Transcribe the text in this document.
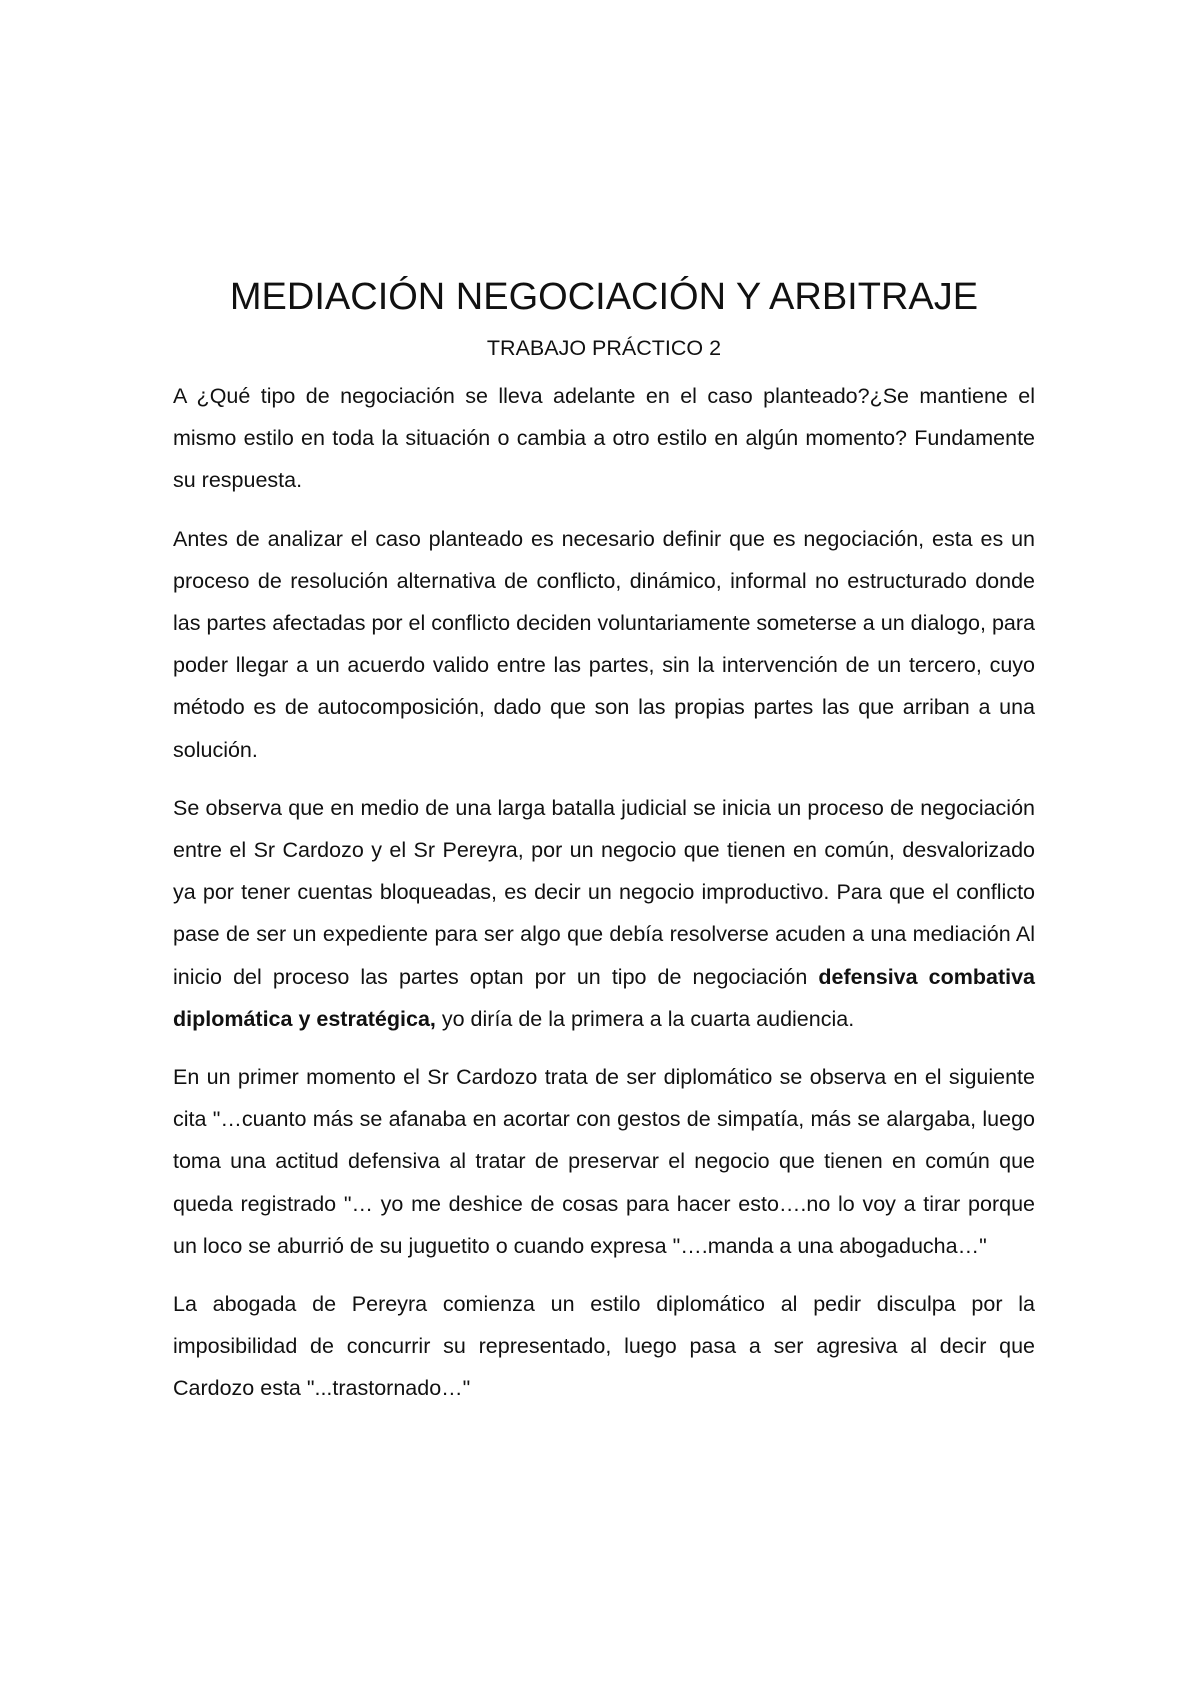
MEDIACIÓN NEGOCIACIÓN Y ARBITRAJE
TRABAJO PRÁCTICO 2

A ¿Qué tipo de negociación se lleva adelante en el caso planteado?¿Se mantiene el mismo estilo en toda la situación o cambia a otro estilo en algún momento? Fundamente su respuesta.

Antes de analizar el caso planteado es necesario definir que es negociación, esta es un proceso de resolución alternativa de conflicto, dinámico, informal no estructurado donde las partes afectadas por el conflicto deciden voluntariamente someterse a un dialogo, para poder llegar a un acuerdo valido entre las partes, sin la intervención de un tercero, cuyo método es de autocomposición, dado que son las propias partes las que arriban a una solución.

Se observa que en medio de una larga batalla judicial se inicia un proceso de negociación entre el Sr Cardozo y el Sr Pereyra, por un negocio que tienen en común, desvalorizado ya por tener cuentas bloqueadas, es decir un negocio improductivo. Para que el conflicto pase de ser un expediente para ser algo que debía resolverse acuden a una mediación Al inicio del proceso las partes optan por un tipo de negociación defensiva combativa diplomática y estratégica, yo diría de la primera a la cuarta audiencia.

En un primer momento el Sr Cardozo trata de ser diplomático se observa en el siguiente cita "…cuanto más se afanaba en acortar con gestos de simpatía, más se alargaba, luego toma una actitud defensiva al tratar de preservar el negocio que tienen en común que queda registrado "… yo me deshice de cosas para hacer esto….no lo voy a tirar porque un loco se aburrió de su juguetito o cuando expresa "….manda a una abogaducha…"

La abogada de Pereyra comienza un estilo diplomático al pedir disculpa por la imposibilidad de concurrir su representado, luego pasa a ser agresiva al decir que Cardozo esta "...trastornado…"
